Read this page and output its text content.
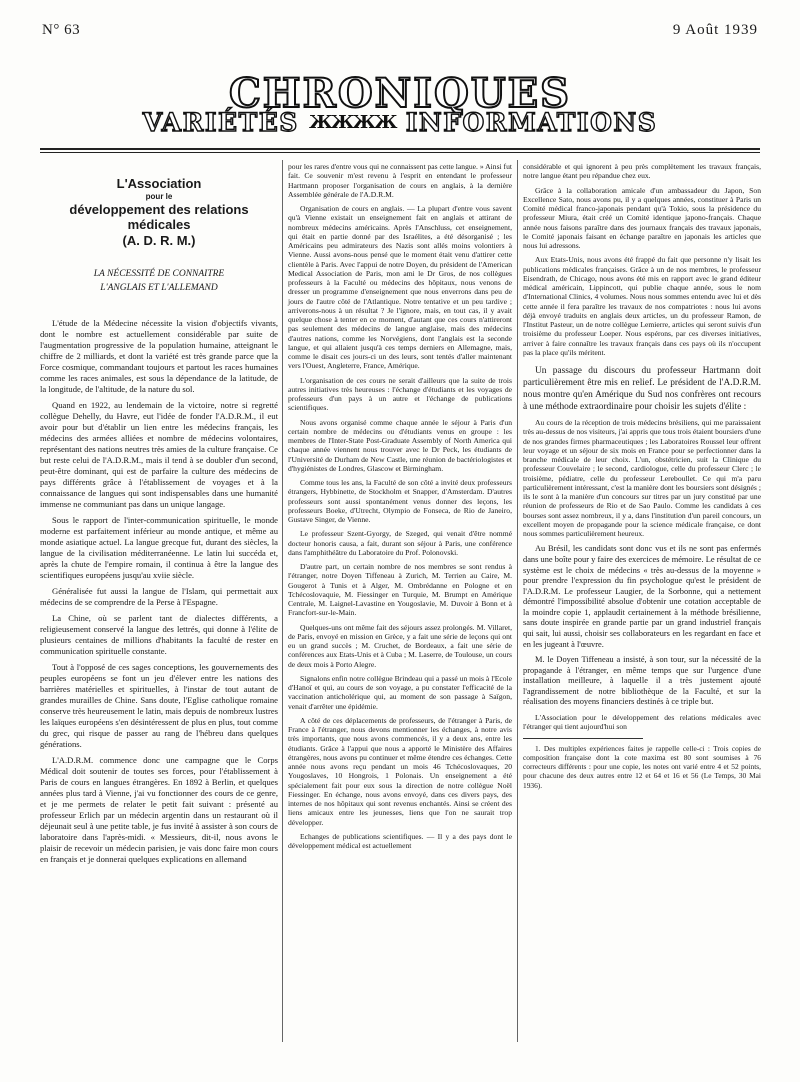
N° 63	9 Août 1939
CHRONIQUES
VARIÉTÉS ЖЖЖЖ INFORMATIONS
L'Association
pour le
développement des relations médicales
(A. D. R. M.)
LA NÉCESSITÉ DE CONNAITRE
L'ANGLAIS ET L'ALLEMAND

L'étude de la Médecine nécessite la vision d'objectifs vivants, dont le nombre est actuellement considérable par suite de l'augmentation progressive de la population humaine, atteignant le chiffre de 2 milliards, et dont la variété est très grande parce que la Force cosmique, commandant toujours et partout les races humaines comme les races animales, est sous la dépendance de la latitude, de la longitude, de l'altitude, de la nature du sol.

Quand en 1922, au lendemain de la victoire, notre si regretté collègue Dehelly, du Havre, eut l'idée de fonder l'A.D.R.M., il eut avoir pour but d'établir un lien entre les médecins français, les médecins des armées alliées et nombre de médecins volontaires, représentant des nations neutres très amies de la culture française. Ce but reste celui de l'A.D.R.M., mais il tend à se doubler d'un second, peut-être dominant, qui est de parfaire la culture des médecins de pays différents grâce à l'établissement de voyages et à la connaissance de langues qui sont indispensables dans une humanité immense ne communiant pas dans un unique langage.

Sous le rapport de l'inter-communication spirituelle, le monde moderne est parfaitement inférieur au monde antique, et même au monde asiatique actuel. La langue grecque fut, durant des siècles, la langue de la civilisation méditerranéenne. Le latin lui succéda et, après la chute de l'empire romain, il continua à être la langue des scientifiques européens jusqu'au xviie siècle.

Généralisée fut aussi la langue de l'Islam, qui permettait aux médecins de se comprendre de la Perse à l'Espagne.

La Chine, où se parlent tant de dialectes différents, a religieusement conservé la langue des lettrés, qui donne à l'élite de plusieurs centaines de millions d'habitants la faculté de rester en communication spirituelle constante.

Tout à l'opposé de ces sages conceptions, les gouvernements des peuples européens se font un jeu d'élever entre les nations des barrières matérielles et spirituelles, à l'instar de tout autant de grandes murailles de Chine. Sans doute, l'Eglise catholique romaine conserve très heureusement le latin, mais depuis de nombreux lustres les laïques européens s'en désintéressent de plus en plus, tout comme du grec, qui risque de passer au rang de l'hébreu dans quelques générations.

L'A.D.R.M. commence donc une campagne que le Corps Médical doit soutenir de toutes ses forces, pour l'établissement à Paris de cours en langues étrangères. En 1892 à Berlin, et quelques années plus tard à Vienne, j'ai vu fonctionner des cours de ce genre, et je me permets de relater le petit fait suivant : présenté au professeur Erlich par un médecin argentin dans un restaurant où il déjeunait seul à une petite table, je fus invité à assister à son cours de laboratoire dans l'après-midi. « Messieurs, dit-il, nous avons le plaisir de recevoir un médecin parisien, je vais donc faire mon cours en français et je donnerai quelques explications en allemand

pour les rares d'entre vous qui ne connaissent pas cette langue. » Ainsi fut fait. Ce souvenir m'est revenu à l'esprit en entendant le professeur Hartmann proposer l'organisation de cours en anglais, à la dernière Assemblée générale de l'A.D.R.M.

Organisation de cours en anglais. — La plupart d'entre vous savent qu'à Vienne existait un enseignement fait en anglais et attirant de nombreux médecins américains. Après l'Anschluss, cet enseignement, qui était en partie donné par des Israélites, a été désorganisé ; les Américains peu admirateurs des Nazis sont allés moins volontiers à Vienne. Aussi avons-nous pensé que le moment était venu d'attirer cette clientèle à Paris. Avec l'appui de notre Doyen, du président de l'American Medical Association de Paris, mon ami le Dr Gros, de nos collègues professeurs à la Faculté ou médecins des hôpitaux, nous venons de dresser un programme d'enseignement que nous enverrons dans peu de jours de l'autre côté de l'Atlantique. Notre tentative et un peu tardive ; arriverons-nous à un résultat ? Je l'ignore, mais, en tout cas, il y avait quelque chose à tenter en ce moment, d'autant que ces cours n'attireront pas seulement des médecins de langue anglaise, mais des médecins d'autres nations, comme les Norvégiens, dont l'anglais est la seconde langue, et qui allaient jusqu'à ces temps derniers en Allemagne, mais, comme le disait ces jours-ci un des leurs, sont tentés d'aller maintenant vers l'Ouest, Angleterre, France, Amérique.

L'organisation de ces cours ne serait d'ailleurs que la suite de trois autres initiatives très heureuses : l'échange d'étudiants et les voyages de professeurs d'un pays à un autre et l'échange de publications scientifiques.

Nous avons organisé comme chaque année le séjour à Paris d'un certain nombre de médecins ou d'étudiants venus en groupe : les membres de l'Inter-State Post-Graduate Assembly of North America qui chaque année viennent nous trouver avec le Dr Peck, les étudiants de l'Université de Durham de New Castle, une réunion de bactériologistes et d'hygiénistes de Londres, Glascow et Birmingham.

Comme tous les ans, la Faculté de son côté a invité deux professeurs étrangers, Hybbinette, de Stockholm et Snapper, d'Amsterdam. D'autres professeurs sont aussi spontanément venus donner des leçons, les professeurs Boeke, d'Utrecht, Olympio de Fonseca, de Rio de Janeiro, Gustave Singer, de Vienne.

Le professeur Szent-Gyorgy, de Szeged, qui venait d'être nommé docteur honoris causa, a fait, durant son séjour à Paris, une conférence dans l'amphithéâtre du Laboratoire du Prof. Polonovski.

D'autre part, un certain nombre de nos membres se sont rendus à l'étranger, notre Doyen Tiffeneau à Zurich, M. Terrien au Caire, M. Gougerot à Tunis et à Alger, M. Ombrédanne en Pologne et en Tchécoslovaquie, M. Fiessinger en Turquie, M. Brumpt en Amérique Centrale, M. Laignel-Lavastine en Yougoslavie, M. Duvoir à Bonn et à Francfort-sur-le-Main.

Quelques-uns ont même fait des séjours assez prolongés. M. Villaret, de Paris, envoyé en mission en Grèce, y a fait une série de leçons qui ont eu un grand succès ; M. Cruchet, de Bordeaux, a fait une série de conférences aux Etats-Unis et à Cuba ; M. Laserre, de Toulouse, un cours de deux mois à Porto Alegre.

Signalons enfin notre collègue Brindeau qui a passé un mois à l'Ecole d'Hanoï et qui, au cours de son voyage, a pu constater l'efficacité de la vaccination anticholérique qui, au moment de son passage à Saïgon, venait d'arrêter une épidémie.

A côté de ces déplacements de professeurs, de l'étranger à Paris, de France à l'étranger, nous devons mentionner les échanges, à notre avis très importants, que nous avons commencés, il y a deux ans, entre les étudiants. Grâce à l'appui que nous a apporté le Ministère des Affaires étrangères, nous avons pu continuer et même étendre ces échanges. Cette année nous avons reçu pendant un mois 46 Tchécoslovaques, 20 Yougoslaves, 10 Hongrois, 1 Polonais. Un enseignement a été spécialement fait pour eux sous la direction de notre collègue Noël Fiessinger. En échange, nous avons envoyé, dans ces divers pays, des internes de nos hôpitaux qui sont revenus enchantés. Ainsi se créent des liens amicaux entre les jeunesses, liens que l'on ne saurait trop développer.

Echanges de publications scientifiques. — Il y a des pays dont le développement médical est actuellement

considérable et qui ignorent à peu près complètement les travaux français, notre langue étant peu répandue chez eux.

Grâce à la collaboration amicale d'un ambassadeur du Japon, Son Excellence Sato, nous avons pu, il y a quelques années, constituer à Paris un Comité médical franco-japonais pendant qu'à Tokio, sous la présidence du professeur Miura, était créé un Comité identique japono-français. Chaque année nous faisons paraître dans des journaux français des travaux japonais, le Comité japonais faisant en échange paraître en japonais les articles que nous lui adressons.

Aux Etats-Unis, nous avons été frappé du fait que personne n'y lisait les publications médicales françaises. Grâce à un de nos membres, le professeur Eisendrath, de Chicago, nous avons été mis en rapport avec le grand éditeur médical américain, Lippincott, qui publie chaque année, sous le nom d'International Clinics, 4 volumes. Nous nous sommes entendu avec lui et dès cette année il fera paraître les travaux de nos compatriotes : nous lui avons déjà envoyé traduits en anglais deux articles, un du professeur Ramon, de l'Institut Pasteur, un de notre collègue Lemierre, articles qui seront suivis d'un troisième du professeur Loeper. Nous espérons, par ces diverses initiatives, arriver à faire connaître les travaux français dans ces pays où ils n'occupent pas la place qu'ils méritent.

Un passage du discours du professeur Hartmann doit particulièrement être mis en relief. Le président de l'A.D.R.M. nous montre qu'en Amérique du Sud nos confrères ont recours à une méthode extraordinaire pour choisir les sujets d'élite :

Au cours de la réception de trois médecins brésiliens, qui me paraissaient très au-dessus de nos visiteurs, j'ai appris que tous trois étaient boursiers d'une de nos grandes firmes pharmaceutiques ; les Laboratoires Roussel leur offrent leur voyage et un séjour de six mois en France pour se perfectionner dans la branche médicale de leur choix. L'un, obstétricien, suit la Clinique du professeur Couvelaire ; le second, cardiologue, celle du professeur Clerc ; le troisième, pédiatre, celle du professeur Lereboullet. Ce qui m'a paru particulièrement intéressant, c'est la manière dont les boursiers sont désignés ; ils le sont à la manière d'un concours sur titres par un jury constitué par une réunion de professeurs de Rio et de Sao Paulo. Comme les candidats à ces bourses sont assez nombreux, il y a, dans l'institution d'un pareil concours, un excellent moyen de propagande pour la science médicale française, ce dont nous sommes particulièrement heureux.

Au Brésil, les candidats sont donc vus et ils ne sont pas enfermés dans une boîte pour y faire des exercices de mémoire. Le résultat de ce système est le choix de médecins « très au-dessus de la moyenne » pour prendre l'expression du fin psychologue qu'est le président de l'A.D.R.M. Le professeur Laugier, de la Sorbonne, qui a nettement démontré l'impossibilité absolue d'obtenir une cotation acceptable de la moindre copie 1, applaudit certainement à la méthode brésilienne, sans doute inspirée en grande partie par un grand industriel français qui sait, lui aussi, choisir ses collaborateurs en les regardant en face et en les jugeant à l'œuvre.

M. le Doyen Tiffeneau a insisté, à son tour, sur la nécessité de la propagande à l'étranger, en même temps que sur l'urgence d'une installation meilleure, à laquelle il a très justement ajouté l'agrandissement de notre bibliothèque de la Faculté, et sur la réalisation des moyens financiers destinés à ce triple but.

L'Association pour le développement des relations médicales avec l'étranger qui tient aujourd'hui son

1. Des multiples expériences faites je rappelle celle-ci : Trois copies de composition française dont la cote maxima est 80 sont soumises à 76 correcteurs différents : pour une copie, les notes ont varié entre 4 et 52 points, pour chacune des deux autres entre 12 et 64 et 16 et 56 (Le Temps, 30 Mai 1936).
